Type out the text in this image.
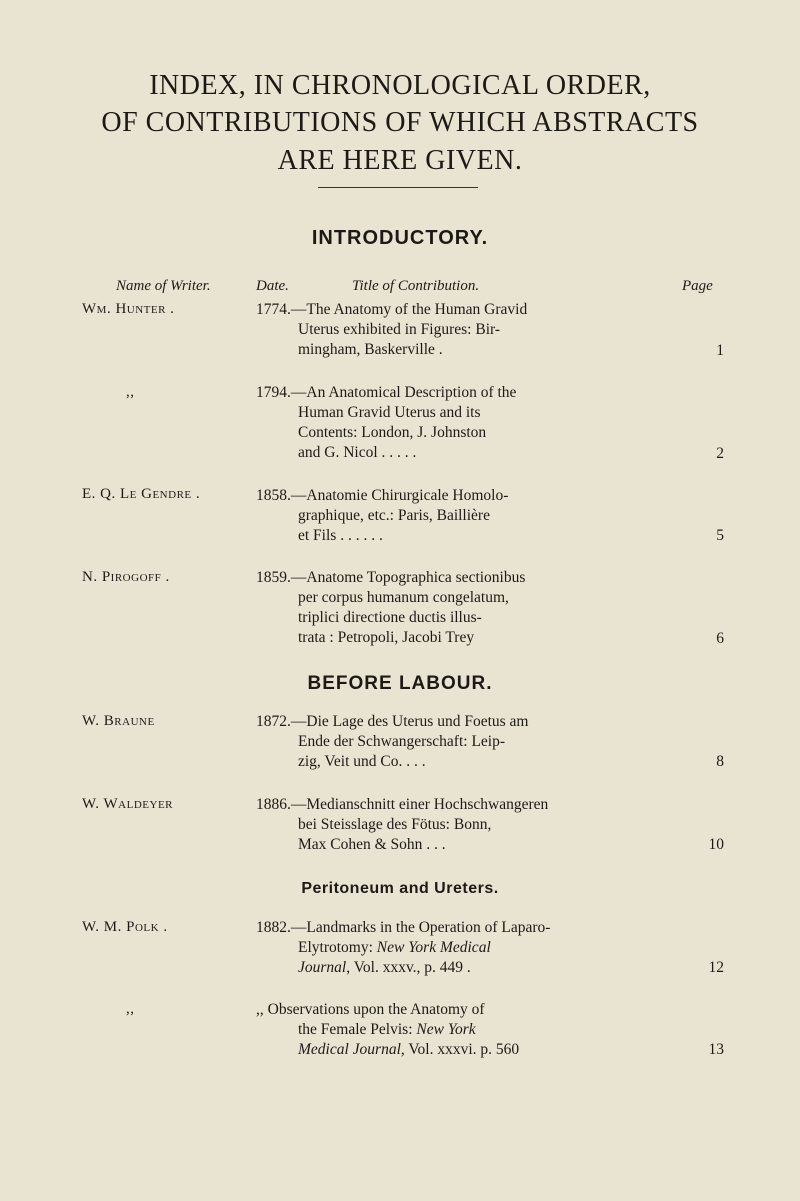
INDEX, IN CHRONOLOGICAL ORDER,
OF CONTRIBUTIONS OF WHICH ABSTRACTS
ARE HERE GIVEN.
INTRODUCTORY.
Name of Writer.	Date.	Title of Contribution.	Page
Wm. Hunter .	1774.—The Anatomy of the Human Gravid
Uterus exhibited in Figures: Bir-
mingham, Baskerville .	1
,,	1794.—An Anatomical Description of the
Human Gravid Uterus and its
Contents: London, J. Johnston
and G. Nicol . . . . .	2
E. Q. Le Gendre .	1858.—Anatomie Chirurgicale Homolo-
graphique, etc.: Paris, Baillière
et Fils . . . . . .	5
N. Pirogoff .	1859.—Anatome Topographica sectionibus
per corpus humanum congelatum,
triplici directione ductis illus-
trata : Petropoli, Jacobi Trey	6
BEFORE LABOUR.
W. Braune	1872.—Die Lage des Uterus und Foetus am
Ende der Schwangerschaft: Leip-
zig, Veit und Co. . . .	8
W. Waldeyer	1886.—Medianschnitt einer Hochschwangeren
bei Steisslage des Fötus: Bonn,
Max Cohen & Sohn . . .	10
Peritoneum and Ureters.
W. M. Polk .	1882.—Landmarks in the Operation of Laparo-
Elytrotomy: New York Medical
Journal, Vol. xxxv., p. 449 .	12
,,	,, Observations upon the Anatomy of
the Female Pelvis: New York
Medical Journal, Vol. xxxvi. p. 560	13
